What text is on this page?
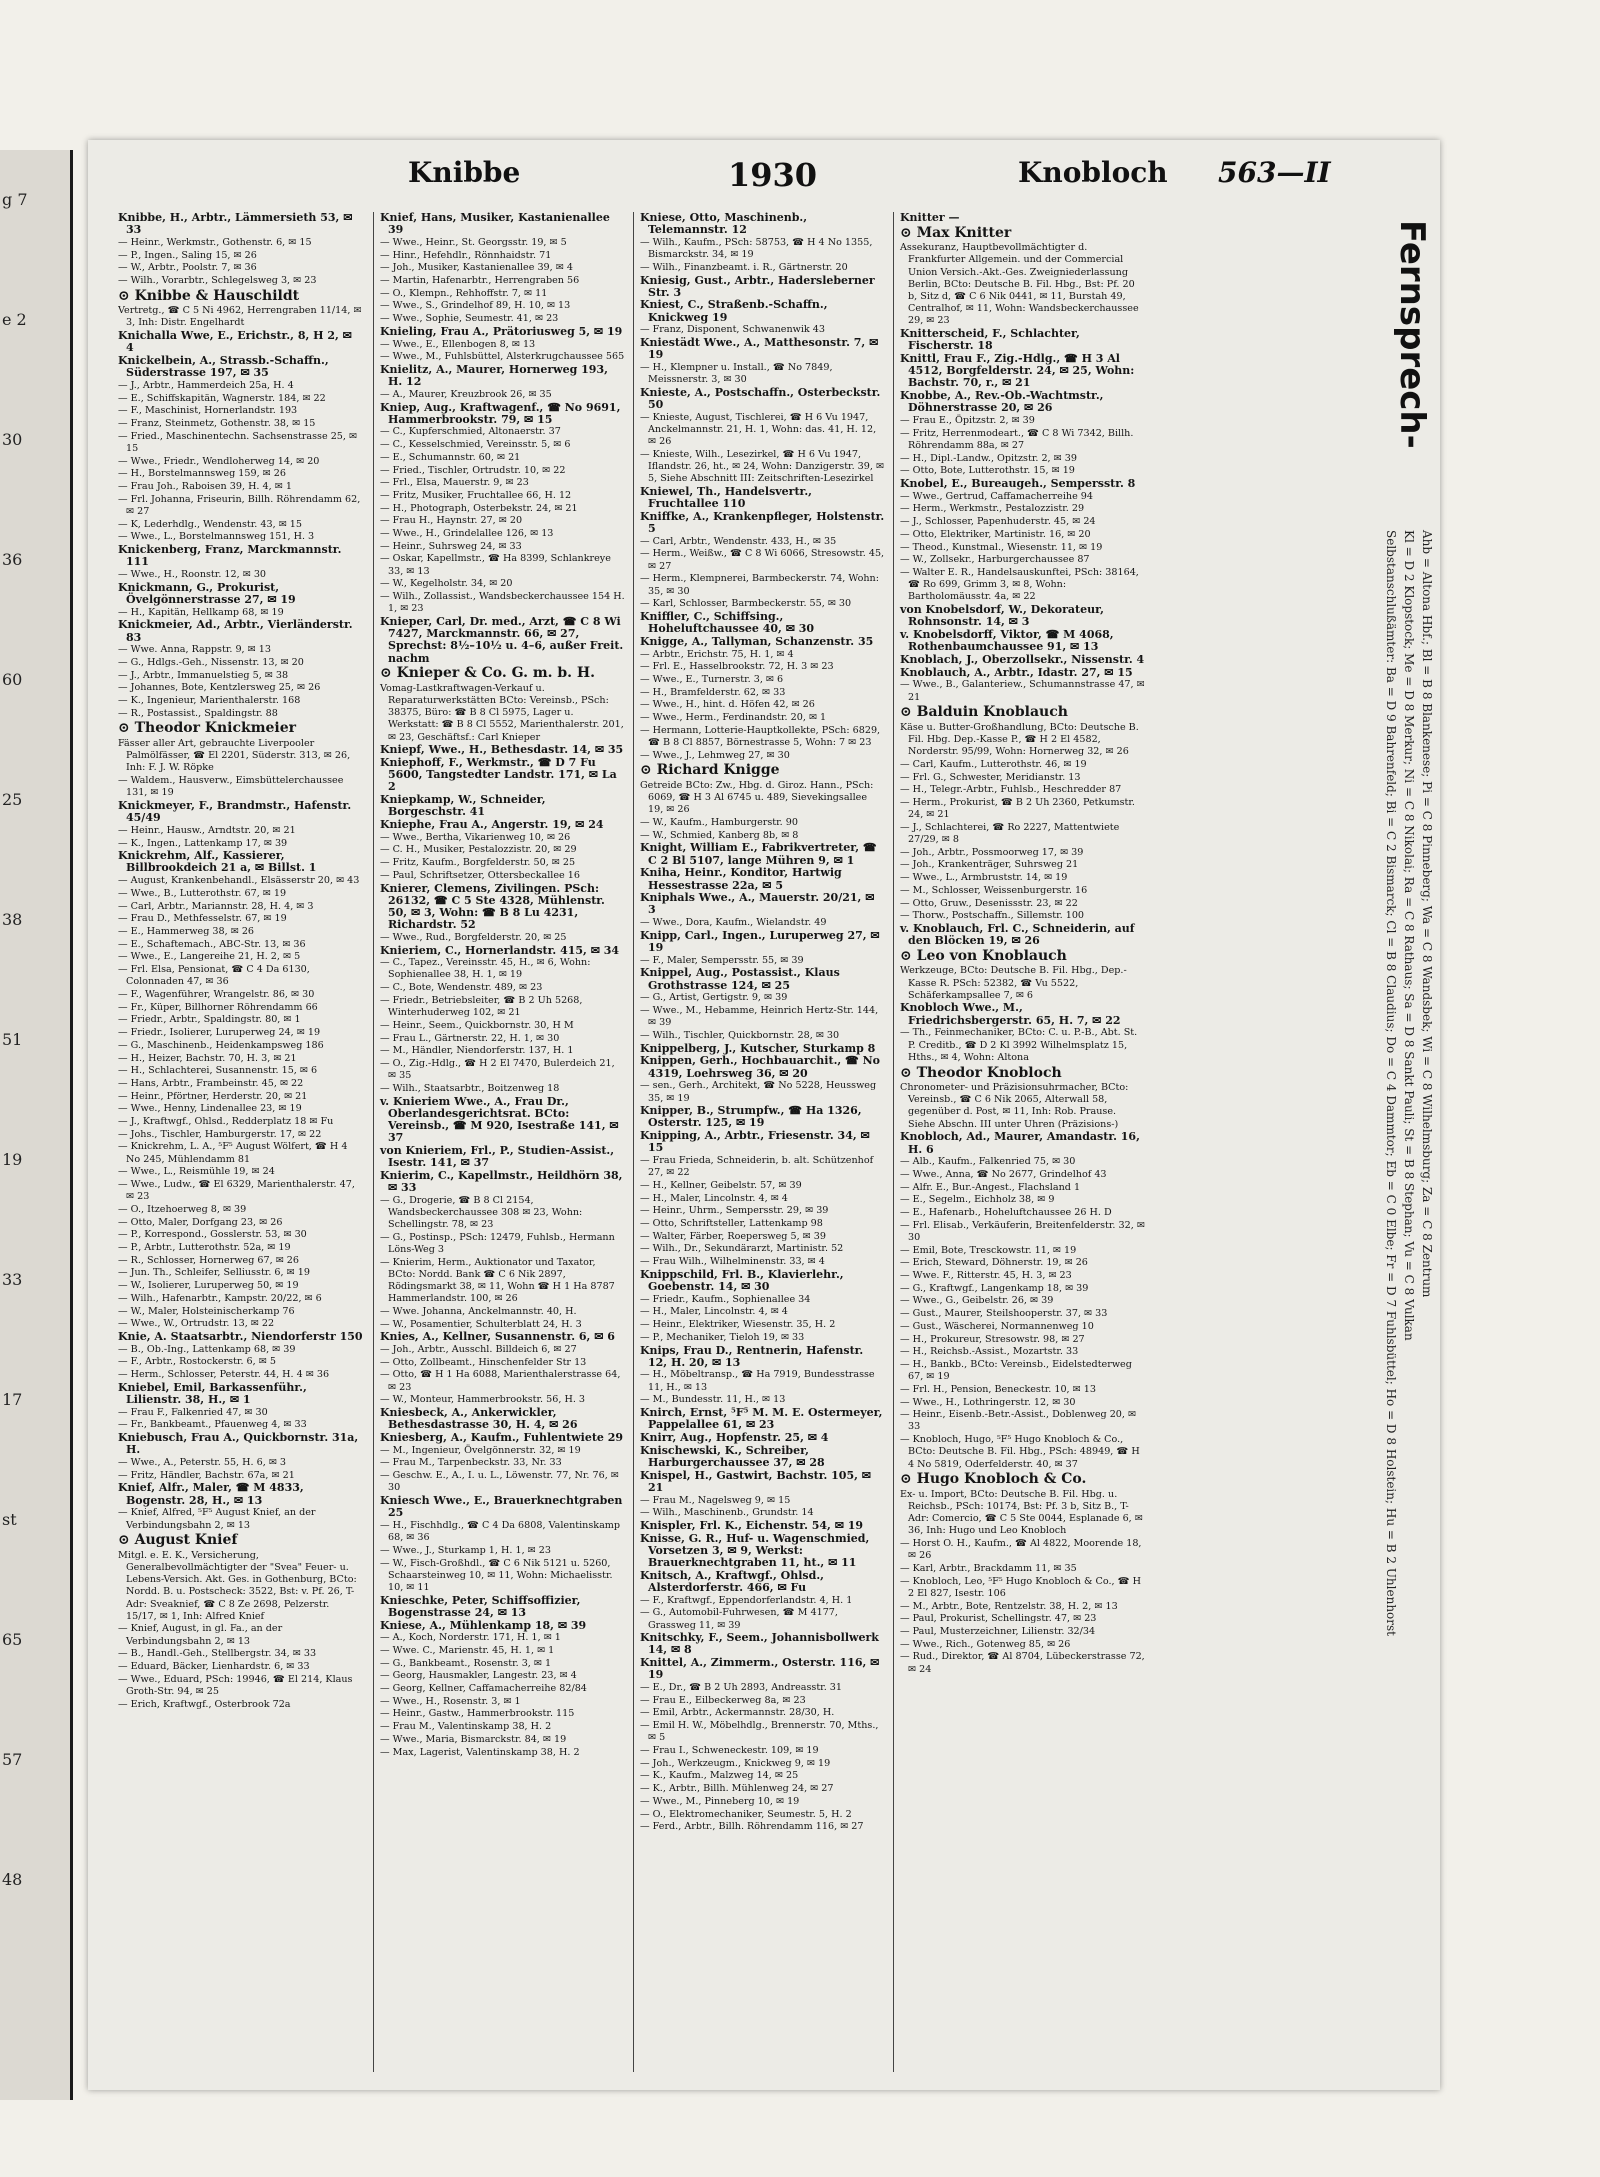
g 7
e 2
30
36
60
25
38
51
19
33
17
st
65
57
48
Knibbe	1930	Knobloch 563—II
Knibbe, H., Arbtr., Lämmersieth 53, ✉ 33
— Heinr., Werkmstr., Gothenstr. 6, ✉ 15
— P., Ingen., Saling 15, ✉ 26
— W., Arbtr., Poolstr. 7, ✉ 36
— Wilh., Vorarbtr., Schlegelsweg 3, ✉ 23
⊙ Knibbe & Hauschildt
Vertretg., ☎ C 5 Ni 4962, Herrengraben 11/14, ✉ 3, Inh: Distr. Engelhardt
Knichalla Wwe, E., Erichstr., 8, H 2, ✉ 4
Knickelbein, A., Strassb.-Schaffn., Süderstrasse 197, ✉ 35
— J., Arbtr., Hammerdeich 25a, H. 4
— E., Schiffskapitän, Wagnerstr. 184, ✉ 22
— F., Maschinist, Hornerlandstr. 193
— Franz, Steinmetz, Gothenstr. 38, ✉ 15
— Fried., Maschinentechn. Sachsenstrasse 25, ✉ 15
— Wwe., Friedr., Wendloherweg 14, ✉ 20
— H., Borstelmannsweg 159, ✉ 26
— Frau Joh., Raboisen 39, H. 4, ✉ 1
— Frl. Johanna, Friseurin, Billh. Röhrendamm 62, ✉ 27
— K, Lederhdlg., Wendenstr. 43, ✉ 15
— Wwe., L., Borstelmannsweg 151, H. 3
Knickenberg, Franz, Marckmannstr. 111
— Wwe., H., Roonstr. 12, ✉ 30
Knickmann, G., Prokurist, Övelgönnerstrasse 27, ✉ 19
— H., Kapitän, Hellkamp 68, ✉ 19
Knickmeier, Ad., Arbtr., Vierländerstr. 83
— Wwe. Anna, Rappstr. 9, ✉ 13
— G., Hdlgs.-Geh., Nissenstr. 13, ✉ 20
— J., Arbtr., Immanuelstieg 5, ✉ 38
— Johannes, Bote, Kentzlersweg 25, ✉ 26
— K., Ingenieur, Marienthalerstr. 168
— R., Postassist., Spaldingstr. 88
⊙ Theodor Knickmeier
Fässer aller Art, gebrauchte Liverpooler Palmölfässer, ☎ El 2201, Süderstr. 313, ✉ 26, Inh: F. J. W. Röpke
— Waldem., Hausverw., Eimsbüttelerchaussee 131, ✉ 19
Knickmeyer, F., Brandmstr., Hafenstr. 45/49
— Heinr., Hausw., Arndtstr. 20, ✉ 21
— K., Ingen., Lattenkamp 17, ✉ 39
Knickrehm, Alf., Kassierer, Billbrookdeich 21 a, ✉ Billst. 1
— August, Krankenbehandl., Elsässerstr 20, ✉ 43
— Wwe., B., Lutterothstr. 67, ✉ 19
— Carl, Arbtr., Mariannstr. 28, H. 4, ✉ 3
— Frau D., Methfesselstr. 67, ✉ 19
— E., Hammerweg 38, ✉ 26
— E., Schaftemach., ABC-Str. 13, ✉ 36
— Wwe., E., Langereihe 21, H. 2, ✉ 5
— Frl. Elsa, Pensionat, ☎ C 4 Da 6130, Colonnaden 47, ✉ 36
— F., Wagenführer, Wrangelstr. 86, ✉ 30
— Fr., Küper, Billhorner Röhrendamm 66
— Friedr., Arbtr., Spaldingstr. 80, ✉ 1
— Friedr., Isolierer, Luruperweg 24, ✉ 19
— G., Maschinenb., Heidenkampsweg 186
— H., Heizer, Bachstr. 70, H. 3, ✉ 21
— H., Schlachterei, Susannenstr. 15, ✉ 6
— Hans, Arbtr., Frambeinstr. 45, ✉ 22
— Heinr., Pförtner, Herderstr. 20, ✉ 21
— Wwe., Henny, Lindenallee 23, ✉ 19
— J., Kraftwgf., Ohlsd., Redderplatz 18 ✉ Fu
— Johs., Tischler, Hamburgerstr. 17, ✉ 22
— Knickrehm, L. A., ⁵F⁵ August Wölfert, ☎ H 4 No 245, Mühlendamm 81
— Wwe., L., Reismühle 19, ✉ 24
— Wwe., Ludw., ☎ El 6329, Marienthalerstr. 47, ✉ 23
— O., Itzehoerweg 8, ✉ 39
— Otto, Maler, Dorfgang 23, ✉ 26
— P., Korrespond., Gosslerstr. 53, ✉ 30
— P., Arbtr., Lutterothstr. 52a, ✉ 19
— R., Schlosser, Hornerweg 67, ✉ 26
— Jun. Th., Schleifer, Selliusstr. 6, ✉ 19
— W., Isolierer, Luruperweg 50, ✉ 19
— Wilh., Hafenarbtr., Kampstr. 20/22, ✉ 6
— W., Maler, Holsteinischerkamp 76
— Wwe., W., Ortrudstr. 13, ✉ 22
Knie, A. Staatsarbtr., Niendorferstr 150
— B., Ob.-Ing., Lattenkamp 68, ✉ 39
— F., Arbtr., Rostockerstr. 6, ✉ 5
— Herm., Schlosser, Peterstr. 44, H. 4 ✉ 36
Kniebel, Emil, Barkassenführ., Lilienstr. 38, H., ✉ 1
— Frau F., Falkenried 47, ✉ 30
— Fr., Bankbeamt., Pfauenweg 4, ✉ 33
Kniebusch, Frau A., Quickbornstr. 31a, H.
— Wwe., A., Peterstr. 55, H. 6, ✉ 3
— Fritz, Händler, Bachstr. 67a, ✉ 21
Knief, Alfr., Maler, ☎ M 4833, Bogenstr. 28, H., ✉ 13
— Knief, Alfred, ⁵F⁵ August Knief, an der Verbindungsbahn 2, ✉ 13
⊙ August Knief
Mitgl. e. E. K., Versicherung, Generalbevollmächtigter der "Svea" Feuer- u. Lebens-Versich. Akt. Ges. in Gothenburg, BCto: Nordd. B. u. Postscheck: 3522, Bst: v. Pf. 26, T-Adr: Sveaknief, ☎ C 8 Ze 2698, Pelzerstr. 15/17, ✉ 1, Inh: Alfred Knief
— Knief, August, in gl. Fa., an der Verbindungsbahn 2, ✉ 13
— B., Handl.-Geh., Stellbergstr. 34, ✉ 33
— Eduard, Bäcker, Lienhardstr. 6, ✉ 33
— Wwe., Eduard, PSch: 19946, ☎ El 214, Klaus Groth-Str. 94, ✉ 25
— Erich, Kraftwgf., Osterbrook 72a
Knief, Hans, Musiker, Kastanienallee 39
— Wwe., Heinr., St. Georgsstr. 19, ✉ 5
— Hinr., Hefehdlr., Rönnhaidstr. 71
— Joh., Musiker, Kastanienallee 39, ✉ 4
— Martin, Hafenarbtr., Herrengraben 56
— O., Klempn., Rehhoffstr. 7, ✉ 11
— Wwe., S., Grindelhof 89, H. 10, ✉ 13
— Wwe., Sophie, Seumestr. 41, ✉ 23
Knieling, Frau A., Prätoriusweg 5, ✉ 19
— Wwe., E., Ellenbogen 8, ✉ 13
— Wwe., M., Fuhlsbüttel, Alsterkrugchaussee 565
Knielitz, A., Maurer, Hornerweg 193, H. 12
— A., Maurer, Kreuzbrook 26, ✉ 35
Kniep, Aug., Kraftwagenf., ☎ No 9691, Hammerbrookstr. 79, ✉ 15
— C., Kupferschmied, Altonaerstr. 37
— C., Kesselschmied, Vereinsstr. 5, ✉ 6
— E., Schumannstr. 60, ✉ 21
— Fried., Tischler, Ortrudstr. 10, ✉ 22
— Frl., Elsa, Mauerstr. 9, ✉ 23
— Fritz, Musiker, Fruchtallee 66, H. 12
— H., Photograph, Osterbekstr. 24, ✉ 21
— Frau H., Haynstr. 27, ✉ 20
— Wwe., H., Grindelallee 126, ✉ 13
— Heinr., Suhrsweg 24, ✉ 33
— Oskar, Kapellmstr., ☎ Ha 8399, Schlankreye 33, ✉ 13
— W., Kegelholstr. 34, ✉ 20
— Wilh., Zollassist., Wandsbeckerchaussee 154 H. 1, ✉ 23
Knieper, Carl, Dr. med., Arzt, ☎ C 8 Wi 7427, Marckmannstr. 66, ✉ 27, Sprechst: 8½–10½ u. 4–6, außer Freit. nachm
⊙ Knieper & Co. G. m. b. H.
Vomag-Lastkraftwagen-Verkauf u. Reparaturwerkstätten BCto: Vereinsb., PSch: 38375, Büro: ☎ B 8 Cl 5975, Lager u. Werkstatt: ☎ B 8 Cl 5552, Marienthalerstr. 201, ✉ 23, Geschäftsf.: Carl Knieper
Kniepf, Wwe., H., Bethesdastr. 14, ✉ 35
Kniephoff, F., Werkmstr., ☎ D 7 Fu 5600, Tangstedter Landstr. 171, ✉ La 2
Kniepkamp, W., Schneider, Borgeschstr. 41
Kniephe, Frau A., Angerstr. 19, ✉ 24
— Wwe., Bertha, Vikarienweg 10, ✉ 26
— C. H., Musiker, Pestalozzistr. 20, ✉ 29
— Fritz, Kaufm., Borgfelderstr. 50, ✉ 25
— Paul, Schriftsetzer, Ottersbeckallee 16
Knierer, Clemens, Zivilingen. PSch: 26132, ☎ C 5 Ste 4328, Mühlenstr. 50, ✉ 3, Wohn: ☎ B 8 Lu 4231, Richardstr. 52
— Wwe., Rud., Borgfelderstr. 20, ✉ 25
Knieriem, C., Hornerlandstr. 415, ✉ 34
— C., Tapez., Vereinsstr. 45, H., ✉ 6, Wohn: Sophienallee 38, H. 1, ✉ 19
— C., Bote, Wendenstr. 489, ✉ 23
— Friedr., Betriebsleiter, ☎ B 2 Uh 5268, Winterhuderweg 102, ✉ 21
— Heinr., Seem., Quickbornstr. 30, H M
— Frau L., Gärtnerstr. 22, H. 1, ✉ 30
— M., Händler, Niendorferstr. 137, H. 1
— O., Zig.-Hdlg., ☎ H 2 El 7470, Bulerdeich 21, ✉ 35
— Wilh., Staatsarbtr., Boitzenweg 18
v. Knieriem Wwe., A., Frau Dr., Oberlandesgerichtsrat. BCto: Vereinsb., ☎ M 920, Isestraße 141, ✉ 37
von Knieriem, Frl., P., Studien-Assist., Isestr. 141, ✉ 37
Knierim, C., Kapellmstr., Heildhörn 38, ✉ 33
— G., Drogerie, ☎ B 8 Cl 2154, Wandsbeckerchaussee 308 ✉ 23, Wohn: Schellingstr. 78, ✉ 23
— G., Postinsp., PSch: 12479, Fuhlsb., Hermann Löns-Weg 3
— Knierim, Herm., Auktionator und Taxator, BCto: Nordd. Bank ☎ C 6 Nik 2897, Rödingsmarkt 38, ✉ 11, Wohn ☎ H 1 Ha 8787 Hammerlandstr. 100, ✉ 26
— Wwe. Johanna, Anckelmannstr. 40, H.
— W., Posamentier, Schulterblatt 24, H. 3
Knies, A., Kellner, Susannenstr. 6, ✉ 6
— Joh., Arbtr., Ausschl. Billdeich 6, ✉ 27
— Otto, Zollbeamt., Hinschenfelder Str 13
— Otto, ☎ H 1 Ha 6088, Marienthalerstrasse 64, ✉ 23
— W., Monteur, Hammerbrookstr. 56, H. 3
Kniesbeck, A., Ankerwickler, Bethesdastrasse 30, H. 4, ✉ 26
Kniesberg, A., Kaufm., Fuhlentwiete 29
— M., Ingenieur, Övelgönnerstr. 32, ✉ 19
— Frau M., Tarpenbeckstr. 33, Nr. 33
— Geschw. E., A., I. u. L., Löwenstr. 77, Nr. 76, ✉ 30
Kniesch Wwe., E., Brauerknechtgraben 25
— H., Fischhdlg., ☎ C 4 Da 6808, Valentinskamp 68, ✉ 36
— Wwe., J., Sturkamp 1, H. 1, ✉ 23
— W., Fisch-Großhdl., ☎ C 6 Nik 5121 u. 5260, Schaarsteinweg 10, ✉ 11, Wohn: Michaelisstr. 10, ✉ 11
Knieschke, Peter, Schiffsoffizier, Bogenstrasse 24, ✉ 13
Kniese, A., Mühlenkamp 18, ✉ 39
— A., Koch, Norderstr. 171, H. 1, ✉ 1
— Wwe. C., Marienstr. 45, H. 1, ✉ 1
— G., Bankbeamt., Rosenstr. 3, ✉ 1
— Georg, Hausmakler, Langestr. 23, ✉ 4
— Georg, Kellner, Caffamacherreihe 82/84
— Wwe., H., Rosenstr. 3, ✉ 1
— Heinr., Gastw., Hammerbrookstr. 115
— Frau M., Valentinskamp 38, H. 2
— Wwe., Maria, Bismarckstr. 84, ✉ 19
— Max, Lagerist, Valentinskamp 38, H. 2
Kniese, Otto, Maschinenb., Telemannstr. 12
— Wilh., Kaufm., PSch: 58753, ☎ H 4 No 1355, Bismarckstr. 34, ✉ 19
— Wilh., Finanzbeamt. i. R., Gärtnerstr. 20
Kniesig, Gust., Arbtr., Hadersleberner Str. 3
Kniest, C., Straßenb.-Schaffn., Knickweg 19
— Franz, Disponent, Schwanenwik 43
Kniestädt Wwe., A., Matthesonstr. 7, ✉ 19
— H., Klempner u. Install., ☎ No 7849, Meissnerstr. 3, ✉ 30
Knieste, A., Postschaffn., Osterbeckstr. 50
— Knieste, August, Tischlerei, ☎ H 6 Vu 1947, Anckelmannstr. 21, H. 1, Wohn: das. 41, H. 12, ✉ 26
— Knieste, Wilh., Lesezirkel, ☎ H 6 Vu 1947, Iflandstr. 26, ht., ✉ 24, Wohn: Danzigerstr. 39, ✉ 5, Siehe Abschnitt III: Zeitschriften-Lesezirkel
Kniewel, Th., Handelsvertr., Fruchtallee 110
Kniffke, A., Krankenpfleger, Holstenstr. 5
— Carl, Arbtr., Wendenstr. 433, H., ✉ 35
— Herm., Weißw., ☎ C 8 Wi 6066, Stresowstr. 45, ✉ 27
— Herm., Klempnerei, Barmbeckerstr. 74, Wohn: 35, ✉ 30
— Karl, Schlosser, Barmbeckerstr. 55, ✉ 30
Kniffler, C., Schiffsing., Hoheluftchaussee 40, ✉ 30
Knigge, A., Tallyman, Schanzenstr. 35
— Arbtr., Erichstr. 75, H. 1, ✉ 4
— Frl. E., Hasselbrookstr. 72, H. 3 ✉ 23
— Wwe., E., Turnerstr. 3, ✉ 6
— H., Bramfelderstr. 62, ✉ 33
— Wwe., H., hint. d. Höfen 42, ✉ 26
— Wwe., Herm., Ferdinandstr. 20, ✉ 1
— Hermann, Lotterie-Hauptkollekte, PSch: 6829, ☎ B 8 Cl 8857, Börnestrasse 5, Wohn: 7 ✉ 23
— Wwe., J., Lehmweg 27, ✉ 30
⊙ Richard Knigge
Getreide BCto: Zw., Hbg. d. Giroz. Hann., PSch: 6069, ☎ H 3 Al 6745 u. 489, Sievekingsallee 19, ✉ 26
— W., Kaufm., Hamburgerstr. 90
— W., Schmied, Kanberg 8b, ✉ 8
Knight, William E., Fabrikvertreter, ☎ C 2 Bl 5107, lange Mühren 9, ✉ 1
Kniha, Heinr., Konditor, Hartwig Hessestrasse 22a, ✉ 5
Kniphals Wwe., A., Mauerstr. 20/21, ✉ 3
— Wwe., Dora, Kaufm., Wielandstr. 49
Knipp, Carl., Ingen., Luruperweg 27, ✉ 19
— F., Maler, Sempersstr. 55, ✉ 39
Knippel, Aug., Postassist., Klaus Grothstrasse 124, ✉ 25
— G., Artist, Gertigstr. 9, ✉ 39
— Wwe., M., Hebamme, Heinrich Hertz-Str. 144, ✉ 39
— Wilh., Tischler, Quickbornstr. 28, ✉ 30
Knippelberg, J., Kutscher, Sturkamp 8
Knippen, Gerh., Hochbauarchit., ☎ No 4319, Loehrsweg 36, ✉ 20
— sen., Gerh., Architekt, ☎ No 5228, Heussweg 35, ✉ 19
Knipper, B., Strumpfw., ☎ Ha 1326, Osterstr. 125, ✉ 19
Knipping, A., Arbtr., Friesenstr. 34, ✉ 15
— Frau Frieda, Schneiderin, b. alt. Schützenhof 27, ✉ 22
— H., Kellner, Geibelstr. 57, ✉ 39
— H., Maler, Lincolnstr. 4, ✉ 4
— Heinr., Uhrm., Sempersstr. 29, ✉ 39
— Otto, Schriftsteller, Lattenkamp 98
— Walter, Färber, Roepersweg 5, ✉ 39
— Wilh., Dr., Sekundärarzt, Martinistr. 52
— Frau Wilh., Wilhelminenstr. 33, ✉ 4
Knippschild, Frl. B., Klavierlehr., Goebenstr. 14, ✉ 30
— Friedr., Kaufm., Sophienallee 34
— H., Maler, Lincolnstr. 4, ✉ 4
— Heinr., Elektriker, Wiesenstr. 35, H. 2
— P., Mechaniker, Tieloh 19, ✉ 33
Knips, Frau D., Rentnerin, Hafenstr. 12, H. 20, ✉ 13
— H., Möbeltransp., ☎ Ha 7919, Bundesstrasse 11, H., ✉ 13
— M., Bundesstr. 11, H., ✉ 13
Knirch, Ernst, ⁵F⁵ M. M. E. Ostermeyer, Pappelallee 61, ✉ 23
Knirr, Aug., Hopfenstr. 25, ✉ 4
Knischewski, K., Schreiber, Harburgerchaussee 37, ✉ 28
Knispel, H., Gastwirt, Bachstr. 105, ✉ 21
— Frau M., Nagelsweg 9, ✉ 15
— Wilh., Maschinenb., Grundstr. 14
Knispler, Frl. K., Eichenstr. 54, ✉ 19
Knisse, G. R., Huf- u. Wagenschmied, Vorsetzen 3, ✉ 9, Werkst: Brauerknechtgraben 11, ht., ✉ 11
Knitsch, A., Kraftwgf., Ohlsd., Alsterdorferstr. 466, ✉ Fu
— F., Kraftwgf., Eppendorferlandstr. 4, H. 1
— G., Automobil-Fuhrwesen, ☎ M 4177, Grassweg 11, ✉ 39
Knitschky, F., Seem., Johannisbollwerk 14, ✉ 8
Knittel, A., Zimmerm., Osterstr. 116, ✉ 19
— E., Dr., ☎ B 2 Uh 2893, Andreasstr. 31
— Frau E., Eilbeckerweg 8a, ✉ 23
— Emil, Arbtr., Ackermannstr. 28/30, H.
— Emil H. W., Möbelhdlg., Brennerstr. 70, Mths., ✉ 5
— Frau I., Schweneckestr. 109, ✉ 19
— Joh., Werkzeugm., Knickweg 9, ✉ 19
— K., Kaufm., Malzweg 14, ✉ 25
— K., Arbtr., Billh. Mühlenweg 24, ✉ 27
— Wwe., M., Pinneberg 10, ✉ 19
— O., Elektromechaniker, Seumestr. 5, H. 2
— Ferd., Arbtr., Billh. Röhrendamm 116, ✉ 27
Knitter —
⊙ Max Knitter
Assekuranz, Hauptbevollmächtigter d. Frankfurter Allgemein. und der Commercial Union Versich.-Akt.-Ges. Zweigniederlassung Berlin, BCto: Deutsche B. Fil. Hbg., Bst: Pf. 20 b, Sitz d, ☎ C 6 Nik 0441, ✉ 11, Burstah 49, Centralhof, ✉ 11, Wohn: Wandsbeckerchaussee 29, ✉ 23
Knitterscheid, F., Schlachter, Fischerstr. 18
Knittl, Frau F., Zig.-Hdlg., ☎ H 3 Al 4512, Borgfelderstr. 24, ✉ 25, Wohn: Bachstr. 70, r., ✉ 21
Knobbe, A., Rev.-Ob.-Wachtmstr., Döhnerstrasse 20, ✉ 26
— Frau E., Öpitzstr. 2, ✉ 39
— Fritz, Herrenmodeart., ☎ C 8 Wi 7342, Billh. Röhrendamm 88a, ✉ 27
— H., Dipl.-Landw., Opitzstr. 2, ✉ 39
— Otto, Bote, Lutterothstr. 15, ✉ 19
Knobel, E., Bureaugeh., Sempersstr. 8
— Wwe., Gertrud, Caffamacherreihe 94
— Herm., Werkmstr., Pestalozzistr. 29
— J., Schlosser, Papenhuderstr. 45, ✉ 24
— Otto, Elektriker, Martinistr. 16, ✉ 20
— Theod., Kunstmal., Wiesenstr. 11, ✉ 19
— W., Zollsekr., Harburgerchaussee 87
— Walter E. R., Handelsauskunftei, PSch: 38164, ☎ Ro 699, Grimm 3, ✉ 8, Wohn: Bartholomäusstr. 4a, ✉ 22
von Knobelsdorf, W., Dekorateur, Rohnsonstr. 14, ✉ 3
v. Knobelsdorff, Viktor, ☎ M 4068, Rothenbaumchaussee 91, ✉ 13
Knoblach, J., Oberzollsekr., Nissenstr. 4
Knoblauch, A., Arbtr., Idastr. 27, ✉ 15
— Wwe., B., Galanteriew., Schumannstrasse 47, ✉ 21
⊙ Balduin Knoblauch
Käse u. Butter-Großhandlung, BCto: Deutsche B. Fil. Hbg. Dep.-Kasse P., ☎ H 2 El 4582, Norderstr. 95/99, Wohn: Hornerweg 32, ✉ 26
— Carl, Kaufm., Lutterothstr. 46, ✉ 19
— Frl. G., Schwester, Meridianstr. 13
— H., Telegr.-Arbtr., Fuhlsb., Heschredder 87
— Herm., Prokurist, ☎ B 2 Uh 2360, Petkumstr. 24, ✉ 21
— J., Schlachterei, ☎ Ro 2227, Mattentwiete 27/29, ✉ 8
— Joh., Arbtr., Possmoorweg 17, ✉ 39
— Joh., Krankenträger, Suhrsweg 21
— Wwe., L., Armbruststr. 14, ✉ 19
— M., Schlosser, Weissenburgerstr. 16
— Otto, Gruw., Desenissstr. 23, ✉ 22
— Thorw., Postschaffn., Sillemstr. 100
v. Knoblauch, Frl. C., Schneiderin, auf den Blöcken 19, ✉ 26
⊙ Leo von Knoblauch
Werkzeuge, BCto: Deutsche B. Fil. Hbg., Dep.-Kasse R. PSch: 52382, ☎ Vu 5522, Schäferkampsallee 7, ✉ 6
Knobloch Wwe., M., Friedrichsbergerstr. 65, H. 7, ✉ 22
— Th., Feinmechaniker, BCto: C. u. P.-B., Abt. St. P. Creditb., ☎ D 2 Kl 3992 Wilhelmsplatz 15, Hths., ✉ 4, Wohn: Altona
⊙ Theodor Knobloch
Chronometer- und Präzisionsuhrmacher, BCto: Vereinsb., ☎ C 6 Nik 2065, Alterwall 58, gegenüber d. Post, ✉ 11, Inh: Rob. Prause. Siehe Abschn. III unter Uhren (Präzisions-)
Knobloch, Ad., Maurer, Amandastr. 16, H. 6
— Alb., Kaufm., Falkenried 75, ✉ 30
— Wwe., Anna, ☎ No 2677, Grindelhof 43
— Alfr. E., Bur.-Angest., Flachsland 1
— E., Segelm., Eichholz 38, ✉ 9
— E., Hafenarb., Hoheluftchaussee 26 H. D
— Frl. Elisab., Verkäuferin, Breitenfelderstr. 32, ✉ 30
— Emil, Bote, Tresckowstr. 11, ✉ 19
— Erich, Steward, Döhnerstr. 19, ✉ 26
— Wwe. F., Ritterstr. 45, H. 3, ✉ 23
— G., Kraftwgf., Langenkamp 18, ✉ 39
— Wwe., G., Geibelstr. 26, ✉ 39
— Gust., Maurer, Steilshooperstr. 37, ✉ 33
— Gust., Wäscherei, Normannenweg 10
— H., Prokureur, Stresowstr. 98, ✉ 27
— H., Reichsb.-Assist., Mozartstr. 33
— H., Bankb., BCto: Vereinsb., Eidelstedterweg 67, ✉ 19
— Frl. H., Pension, Beneckestr. 10, ✉ 13
— Wwe., H., Lothringerstr. 12, ✉ 30
— Heinr., Eisenb.-Betr.-Assist., Doblenweg 20, ✉ 33
— Knobloch, Hugo, ⁵F⁵ Hugo Knobloch & Co., BCto: Deutsche B. Fil. Hbg., PSch: 48949, ☎ H 4 No 5819, Oderfelderstr. 40, ✉ 37
⊙ Hugo Knobloch & Co.
Ex- u. Import, BCto: Deutsche B. Fil. Hbg. u. Reichsb., PSch: 10174, Bst: Pf. 3 b, Sitz B., T-Adr: Comercio, ☎ C 5 Ste 0044, Esplanade 6, ✉ 36, Inh: Hugo und Leo Knobloch
— Horst O. H., Kaufm., ☎ Al 4822, Moorende 18, ✉ 26
— Karl, Arbtr., Brackdamm 11, ✉ 35
— Knobloch, Leo, ⁵F⁵ Hugo Knobloch & Co., ☎ H 2 El 827, Isestr. 106
— M., Arbtr., Bote, Rentzelstr. 38, H. 2, ✉ 13
— Paul, Prokurist, Schellingstr. 47, ✉ 23
— Paul, Musterzeichner, Lilienstr. 32/34
— Wwe., Rich., Gotenweg 85, ✉ 26
— Rud., Direktor, ☎ Al 8704, Lübeckerstrasse 72, ✉ 24
Fernsprech-
Selbstanschlußämter: Ba = D 9 Bahrenfeld; Bi = C 2 Bismarck; Cl = B 8 Claudius; Do = C 4 Dammtor; Eb = C 0 Elbe; Fr = D 7 Fuhlsbüttel; Ho = D 8 Holstein; Hu = B 2 Uhlenhorst Kl = D 2 Klopstock; Me = D 8 Merkur; Ni = C 8 Nikolai; Ra = C 8 Rathaus; Sa = D 8 Sankt Pauli; St = B 8 Stephan; Vu = C 8 Vulkan Ahb = Altona Hbf.; Bl = B 8 Blankenese; Pi = C 8 Pinneberg; Wa = C 8 Wandsbek; Wi = C 8 Wilhelmsburg; Za = C 8 Zentrum
